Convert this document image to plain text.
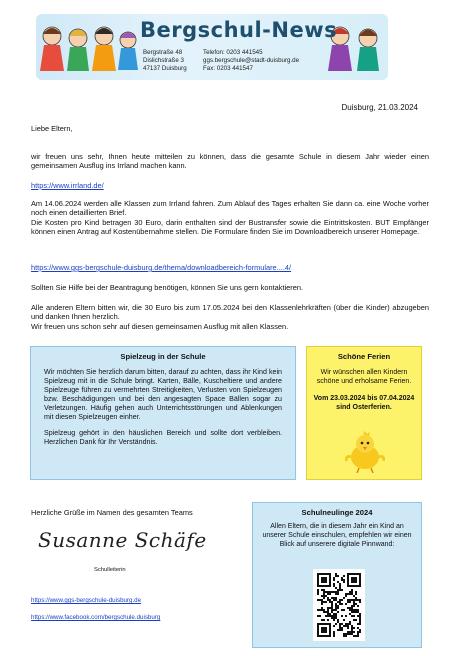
Bergschul-News
Bergstraße 48
Dislichstraße 3
47137 Duisburg
Telefon: 0203 441545
ggs.bergschule@stadt-duisburg.de
Fax: 0203 441547
Duisburg, 21.03.2024
Liebe Eltern,
wir freuen uns sehr, Ihnen heute mitteilen zu können, dass die gesamte Schule in diesem Jahr wieder einen gemeinsamen Ausflug ins Irrland machen kann.
https://www.irrland.de/
Am 14.06.2024 werden alle Klassen zum Irrland fahren. Zum Ablauf des Tages erhalten Sie dann ca. eine Woche vorher noch einen detaillierten Brief.
Die Kosten pro Kind betragen 30 Euro, darin enthalten sind der Bustransfer sowie die Eintrittskosten. BUT Empfänger können einen Antrag auf Kostenübernahme stellen. Die Formulare finden Sie im Downloadbereich unserer Homepage.
https://www.ggs-bergschule-duisburg.de/thema/downloadbereich-formulare....4/
Sollten Sie Hilfe bei der Beantragung benötigen, können Sie uns gern kontaktieren.
Alle anderen Eltern bitten wir, die 30 Euro bis zum 17.05.2024 bei den Klassenlehrkräften (über die Kinder) abzugeben und danken Ihnen herzlich.
Wir freuen uns schon sehr auf diesen gemeinsamen Ausflug mit allen Klassen.
Spielzeug in der Schule

Wir möchten Sie herzlich darum bitten, darauf zu achten, dass ihr Kind kein Spielzeug mit in die Schule bringt. Karten, Bälle, Kuscheltiere und andere Spielzeuge führen zu vermehrten Streitigkeiten, Verlusten von Spielzeugen bzw. Beschädigungen und bei den angesagten Space Bällen sogar zu Verletzungen. Häufig gehen auch Unterrichtsstörungen und Ablenkungen mit diesen Spielzeugen einher.

Spielzeug gehört in den häuslichen Bereich und sollte dort verbleiben. Herzlichen Dank für Ihr Verständnis.

Schöne Ferien

Wir wünschen allen Kindern schöne und erholsame Ferien.

Vom 23.03.2024 bis 07.04.2024 sind Osterferien.

Herzliche Grüße im Namen des gesamten Teams
Susanne Schäfe
Schulleiterin
https://www.ggs-bergschule-duisburg.de
https://www.facebook.com/bergschule.duisburg
Schulneulinge 2024

Allen Eltern, die in diesem Jahr ein Kind an unserer Schule einschulen, empfehlen wir einen Blick auf unserere digitale Pinnwand:
